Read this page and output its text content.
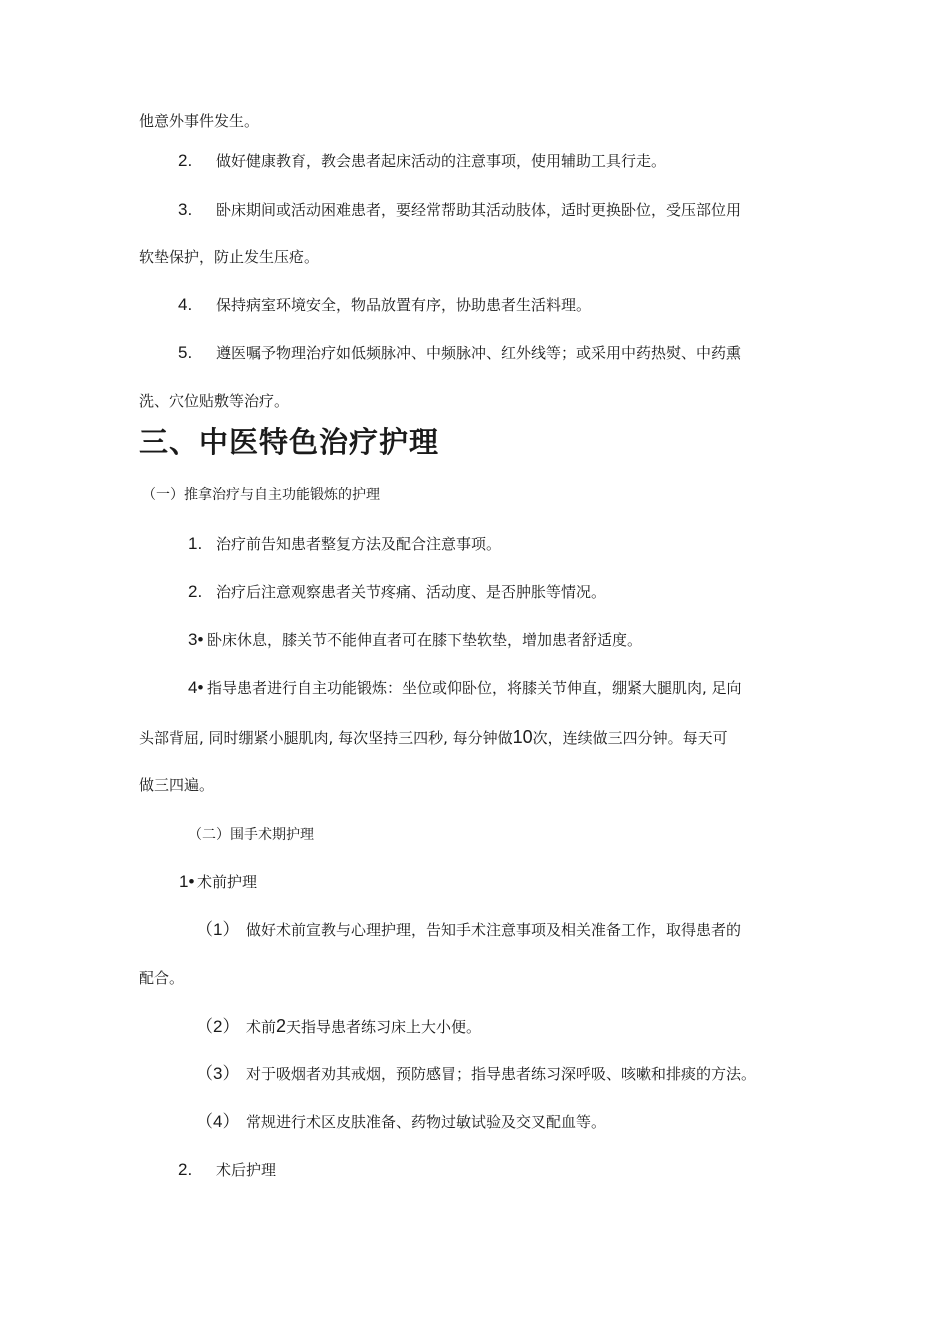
他意外事件发生。
2. 做好健康教育，教会患者起床活动的注意事项，使用辅助工具行走。
3. 卧床期间或活动困难患者，要经常帮助其活动肢体，适时更换卧位，受压部位用
软垫保护，防止发生压疮。
4. 保持病室环境安全，物品放置有序，协助患者生活料理。
5. 遵医嘱予物理治疗如低频脉冲、中频脉冲、红外线等；或采用中药热熨、中药熏
洗、穴位贴敷等治疗。
三、中医特色治疗护理
（一）推拿治疗与自主功能锻炼的护理
1. 治疗前告知患者整复方法及配合注意事项。
2. 治疗后注意观察患者关节疼痛、活动度、是否肿胀等情况。
3• 卧床休息，膝关节不能伸直者可在膝下垫软垫，增加患者舒适度。
4• 指导患者进行自主功能锻炼：坐位或仰卧位，将膝关节伸直，绷紧大腿肌肉, 足向
头部背屈, 同时绷紧小腿肌肉, 每次坚持三四秒, 每分钟做10次，连续做三四分钟。每天可
做三四遍。
（二）围手术期护理
1• 术前护理
（1） 做好术前宣教与心理护理，告知手术注意事项及相关准备工作，取得患者的
配合。
（2） 术前2天指导患者练习床上大小便。
（3） 对于吸烟者劝其戒烟，预防感冒；指导患者练习深呼吸、咳嗽和排痰的方法。
（4） 常规进行术区皮肤准备、药物过敏试验及交叉配血等。
2. 术后护理
